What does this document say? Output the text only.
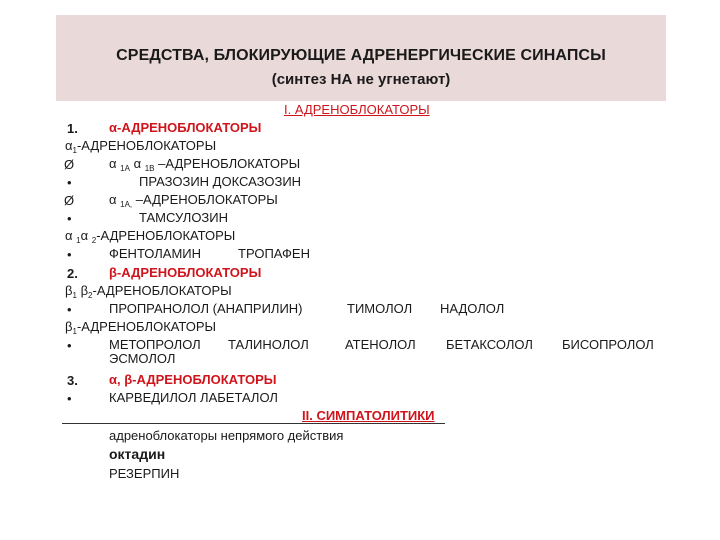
СРЕДСТВА, БЛОКИРУЮЩИЕ АДРЕНЕРГИЧЕСКИЕ СИНАПСЫ
(синтез НА не угнетают)
I. АДРЕНОБЛОКАТОРЫ
1. α-АДРЕНОБЛОКАТОРЫ
$\alpha_1$-АДРЕНОБЛОКАТОРЫ
Ø	α $_{1A}$ α $_{1B}$ –АДРЕНОБЛОКАТОРЫ
•	ПРАЗОЗИН ДОКСАЗОЗИН
Ø	α $_{1A,}$ –АДРЕНОБЛОКАТОРЫ
•	ТАМСУЛОЗИН
α $_1$α $_2$-АДРЕНОБЛОКАТОРЫ
•	ФЕНТОЛАМИН	ТРОПАФЕН
2. β-АДРЕНОБЛОКАТОРЫ
$\beta_1$ $\beta_2$-АДРЕНОБЛОКАТОРЫ
•	ПРОПРАНОЛОЛ (АНАПРИЛИН)	ТИМОЛОЛ НАДОЛОЛ
$\beta_1$-АДРЕНОБЛОКАТОРЫ
•	МЕТОПРОЛОЛ ТАЛИНОЛОЛ	АТЕНОЛОЛ БЕТАКСОЛОЛ БИСОПРОЛОЛ
ЭСМОЛОЛ
3. α, β-АДРЕНОБЛОКАТОРЫ
•	КАРВЕДИЛОЛ ЛАБЕТАЛОЛ
II. СИМПАТОЛИТИКИ
адреноблокаторы непрямого действия
октадин
РЕЗЕРПИН
